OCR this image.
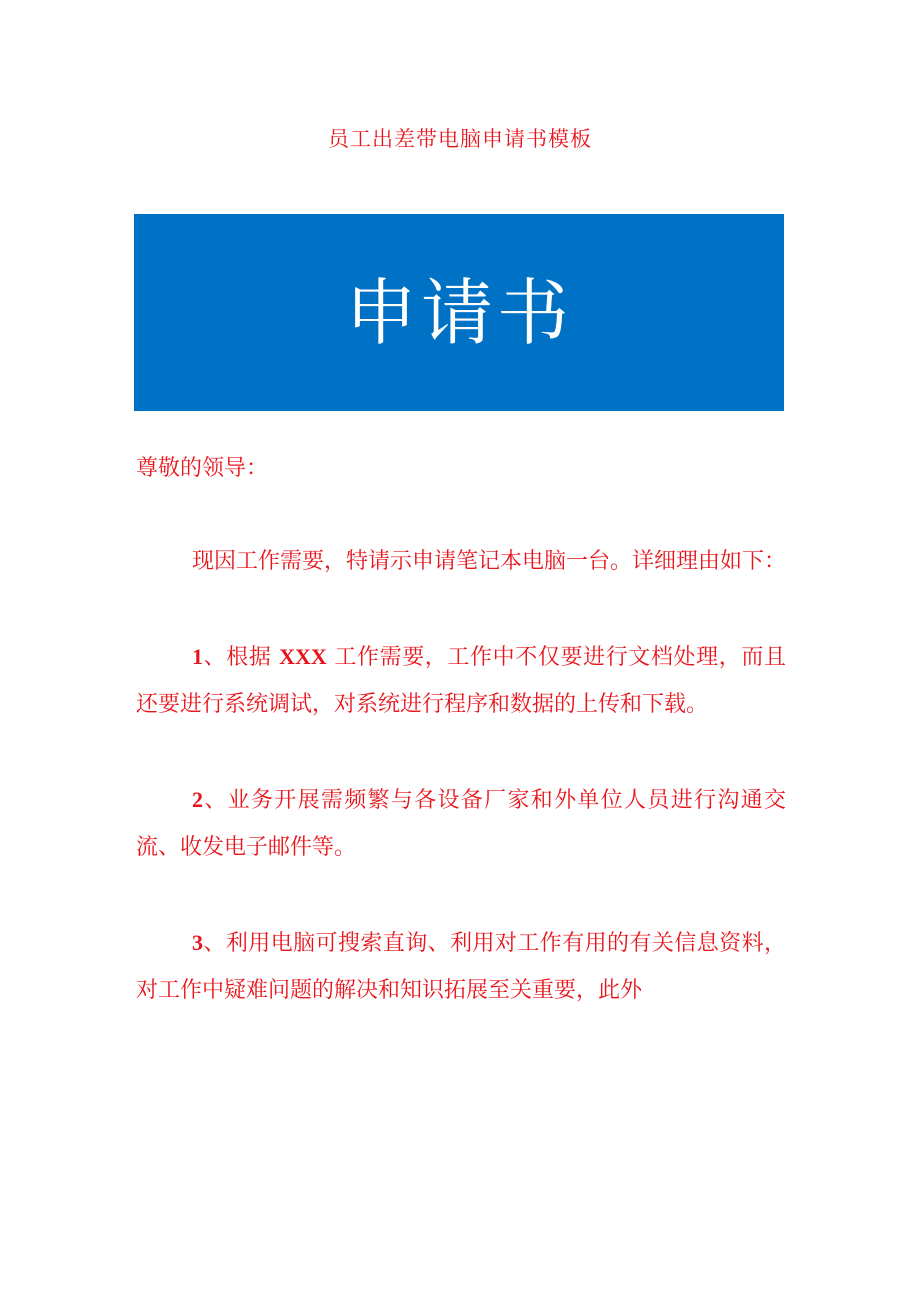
员工出差带电脑申请书模板
申请书

尊敬的领导：

现因工作需要，特请示申请笔记本电脑一台。详细理由如下：

1、根据 XXX 工作需要，工作中不仅要进行文档处理，而且还要进行系统调试，对系统进行程序和数据的上传和下载。

2、业务开展需频繁与各设备厂家和外单位人员进行沟通交流、收发电子邮件等。

3、利用电脑可搜索直询、利用对工作有用的有关信息资料，对工作中疑难问题的解决和知识拓展至关重要，此外
